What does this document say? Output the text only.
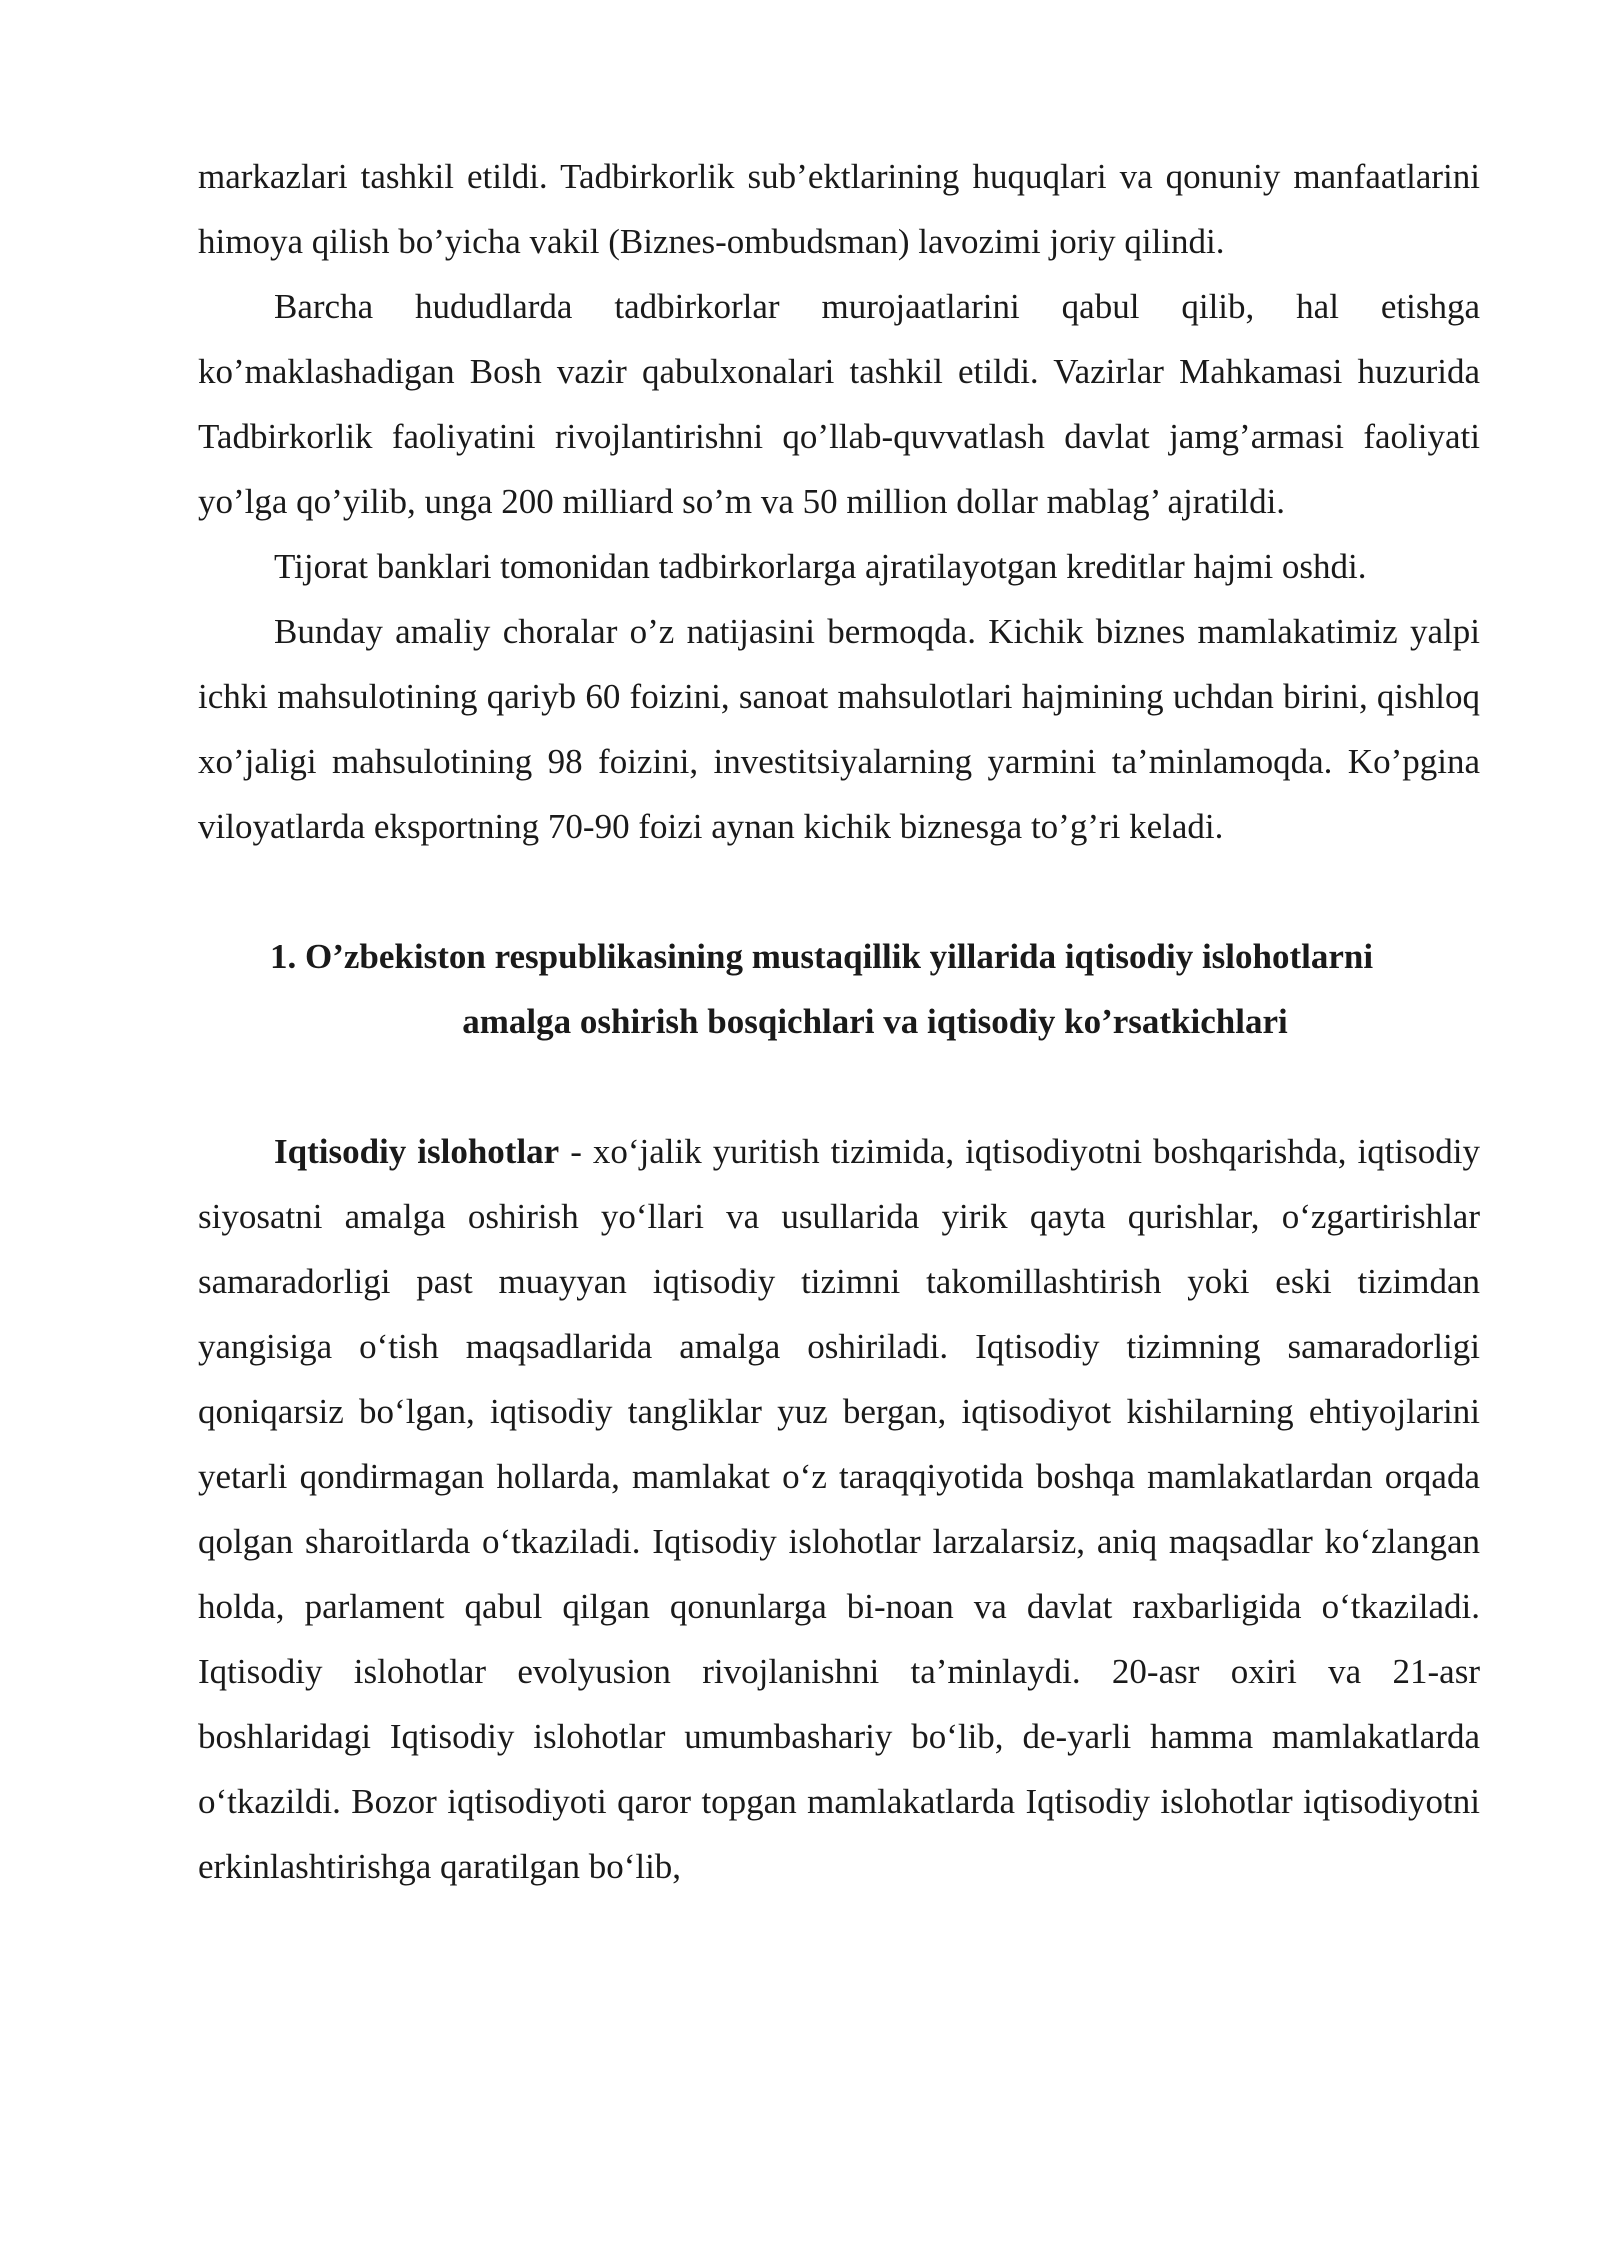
markazlari tashkil etildi. Tadbirkorlik sub’ektlarining huquqlari va qonuniy manfaatlarini himoya qilish bo’yicha vakil (Biznes-ombudsman) lavozimi joriy qilindi.

Barcha hududlarda tadbirkorlar murojaatlarini qabul qilib, hal etishga ko’maklashadigan Bosh vazir qabulxonalari tashkil etildi. Vazirlar Mahkamasi huzurida Tadbirkorlik faoliyatini rivojlantirishni qo’llab-quvvatlash davlat jamg’armasi faoliyati yo’lga qo’yilib, unga 200 milliard so’m va 50 million dollar mablag’ ajratildi.

Tijorat banklari tomonidan tadbirkorlarga ajratilayotgan kreditlar hajmi oshdi.

Bunday amaliy choralar o’z natijasini bermoqda. Kichik biznes mamlakatimiz yalpi ichki mahsulotining qariyb 60 foizini, sanoat mahsulotlari hajmining uchdan birini, qishloq xo’jaligi mahsulotining 98 foizini, investitsiyalarning yarmini ta’minlamoqda. Ko’pgina viloyatlarda eksportning 70-90 foizi aynan kichik biznesga to’g’ri keladi.

1. O’zbekiston respublikasining mustaqillik yillarida iqtisodiy islohotlarni
amalga oshirish bosqichlari va iqtisodiy ko’rsatkichlari

Iqtisodiy islohotlar - xo‘jalik yuritish tizimida, iqtisodiyotni boshqarishda, iqtisodiy siyosatni amalga oshirish yo‘llari va usullarida yirik qayta qurishlar, o‘zgartirishlar samaradorligi past muayyan iqtisodiy tizimni takomillashtirish yoki eski tizimdan yangisiga o‘tish maqsadlarida amalga oshiriladi. Iqtisodiy tizimning samaradorligi qoniqarsiz bo‘lgan, iqtisodiy tangliklar yuz bergan, iqtisodiyot kishilarning ehtiyojlarini yetarli qondirmagan hollarda, mamlakat o‘z taraqqiyotida boshqa mamlakatlardan orqada qolgan sharoitlarda o‘tkaziladi. Iqtisodiy islohotlar larzalarsiz, aniq maqsadlar ko‘zlangan holda, parlament qabul qilgan qonunlarga bi-noan va davlat raxbarligida o‘tkaziladi. Iqtisodiy islohotlar evolyusion rivojlanishni ta’minlaydi. 20-asr oxiri va 21-asr boshlaridagi Iqtisodiy islohotlar umumbashariy bo‘lib, de-yarli hamma mamlakatlarda o‘tkazildi. Bozor iqtisodiyoti qaror topgan mamlakatlarda Iqtisodiy islohotlar iqtisodiyotni erkinlashtirishga qaratilgan bo‘lib,
